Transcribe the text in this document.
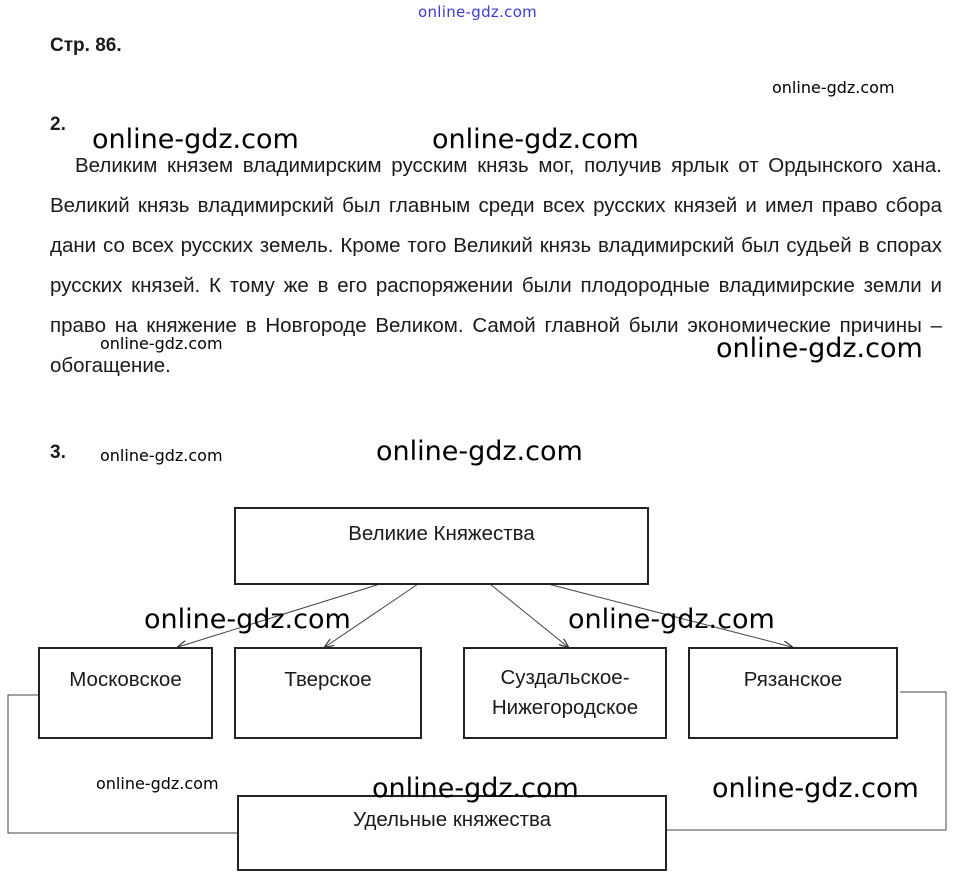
online-gdz.com
Стр. 86.
2.

Великим князем владимирским русским князь мог, получив ярлык от Ордынского хана. Великий князь владимирский был главным среди всех русских князей и имел право сбора дани со всех русских земель. Кроме того Великий князь владимирский был судьей в спорах русских князей. К тому же в его распоряжении были плодородные владимирские земли и право на княжение в Новгороде Великом. Самой главной были экономические причины – обогащение.

3.
Великие Княжества
Московское	Тверское	Суздальское-Нижегородское
Рязанское
Удельные княжества
online-gdz.com	online-gdz.com
online-gdz.com
online-gdz.com	online-gdz.com
online-gdz.com	online-gdz.com
online-gdz.com	online-gdz.com
online-gdz.com	online-gdz.com	online-gdz.com
